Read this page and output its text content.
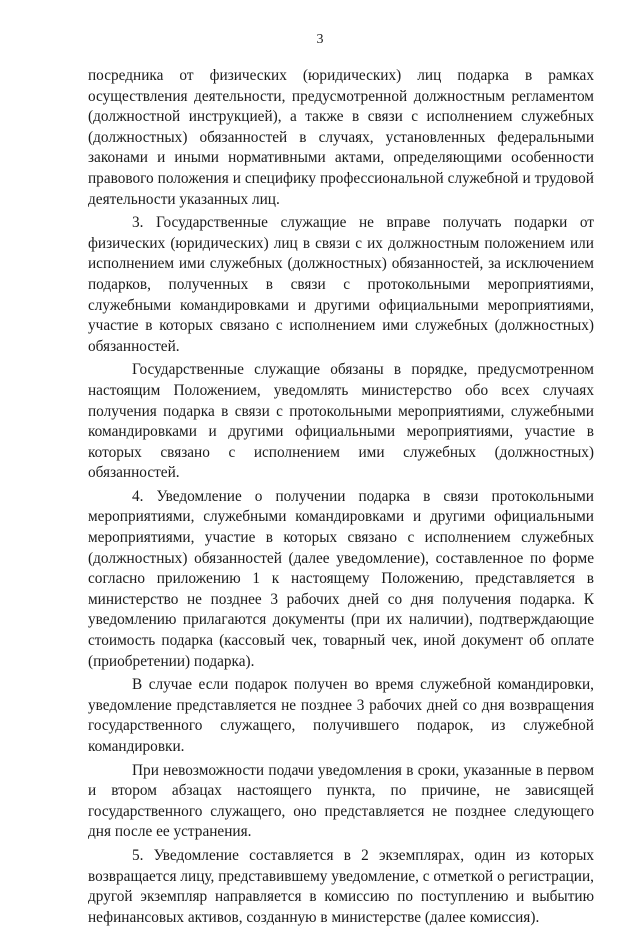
3

посредника от физических (юридических) лиц подарка в рамках осуществления деятельности, предусмотренной должностным регламентом (должностной инструкцией), а также в связи с исполнением служебных (должностных) обязанностей в случаях, установленных федеральными законами и иными нормативными актами, определяющими особенности правового положения и специфику профессиональной служебной и трудовой деятельности указанных лиц.

3. Государственные служащие не вправе получать подарки от физических (юридических) лиц в связи с их должностным положением или исполнением ими служебных (должностных) обязанностей, за исключением подарков, полученных в связи с протокольными мероприятиями, служебными командировками и другими официальными мероприятиями, участие в которых связано с исполнением ими служебных (должностных) обязанностей.

Государственные служащие обязаны в порядке, предусмотренном настоящим Положением, уведомлять министерство обо всех случаях получения подарка в связи с протокольными мероприятиями, служебными командировками и другими официальными мероприятиями, участие в которых связано с исполнением ими служебных (должностных) обязанностей.

4. Уведомление о получении подарка в связи протокольными мероприятиями, служебными командировками и другими официальными мероприятиями, участие в которых связано с исполнением служебных (должностных) обязанностей (далее уведомление), составленное по форме согласно приложению 1 к настоящему Положению, представляется в министерство не позднее 3 рабочих дней со дня получения подарка. К уведомлению прилагаются документы (при их наличии), подтверждающие стоимость подарка (кассовый чек, товарный чек, иной документ об оплате (приобретении) подарка).

В случае если подарок получен во время служебной командировки, уведомление представляется не позднее 3 рабочих дней со дня возвращения государственного служащего, получившего подарок, из служебной командировки.

При невозможности подачи уведомления в сроки, указанные в первом и втором абзацах настоящего пункта, по причине, не зависящей государственного служащего, оно представляется не позднее следующего дня после ее устранения.

5. Уведомление составляется в 2 экземплярах, один из которых возвращается лицу, представившему уведомление, с отметкой о регистрации, другой экземпляр направляется в комиссию по поступлению и выбытию нефинансовых активов, созданную в министерстве (далее комиссия).
